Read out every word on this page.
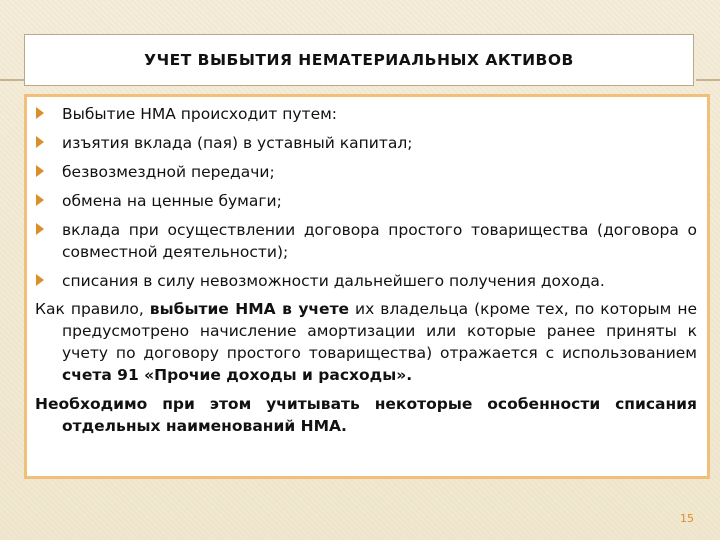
УЧЕТ ВЫБЫТИЯ НЕМАТЕРИАЛЬНЫХ АКТИВОВ
Выбытие НМА происходит путем:
изъятия вклада (пая) в уставный капитал;
безвозмездной передачи;
обмена на ценные бумаги;
вклада при осуществлении договора простого товарищества (договора о совместной деятельности);
списания в силу невозможности дальнейшего получения дохода.

Как правило, выбытие НМА в учете их владельца (кроме тех, по которым не предусмотрено начисление амортизации или которые ранее приняты к учету по договору простого товарищества) отражается с использованием счета 91 «Прочие доходы и расходы».

Необходимо при этом учитывать некоторые особенности списания отдельных наименований НМА.

15
